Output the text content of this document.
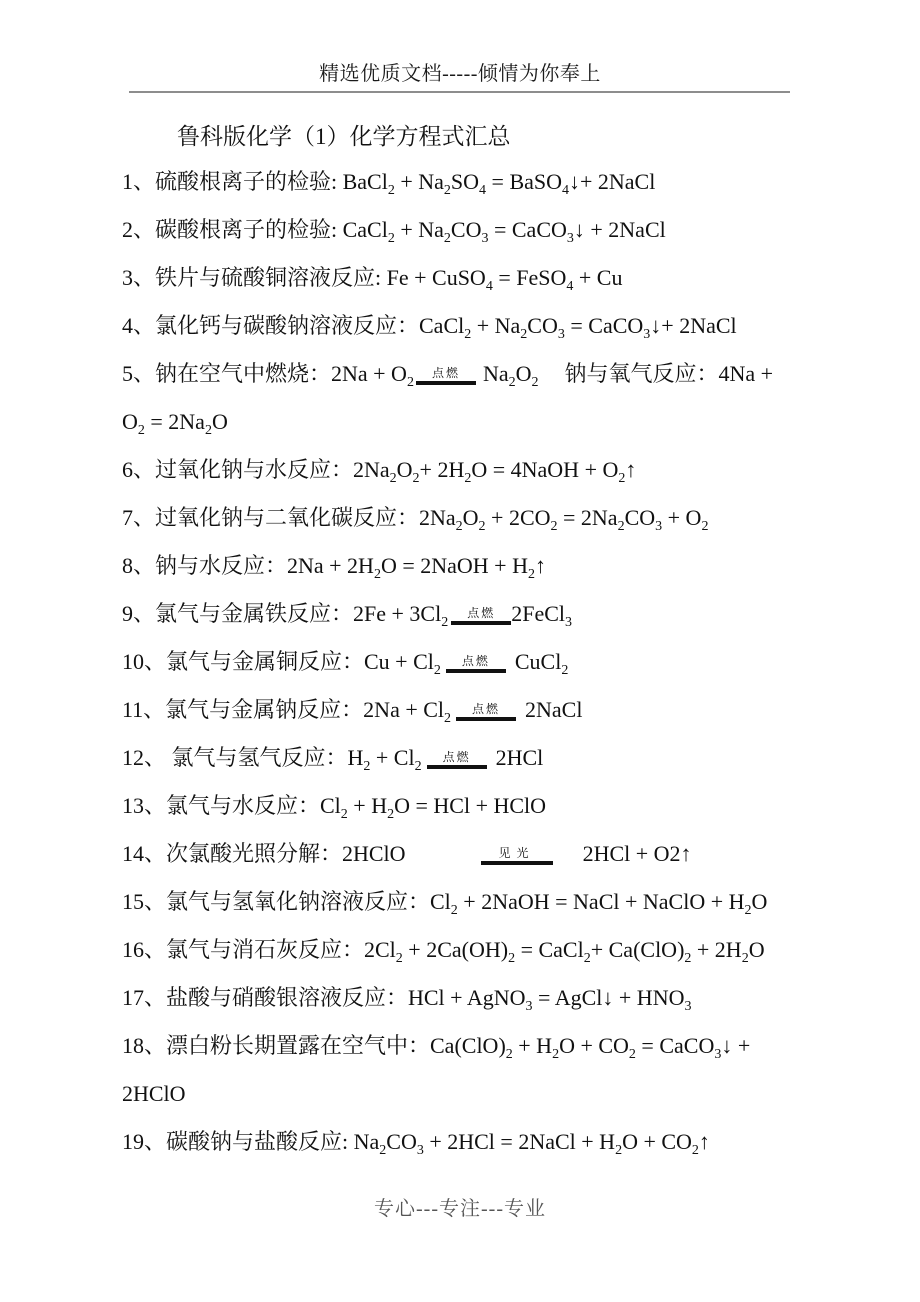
精选优质文档-----倾情为你奉上
鲁科版化学（1）化学方程式汇总
1、硫酸根离子的检验: BaCl$_2$ + $Na_2SO_4$ = BaSO$_4$↓+ 2NaCl
2、碳酸根离子的检验: CaCl$_2$ + $Na_2CO_3$ = CaCO$_3$↓ + 2NaCl
3、铁片与硫酸铜溶液反应: Fe + CuSO$_4$ = FeSO$_4$ + Cu
4、氯化钙与碳酸钠溶液反应：CaCl$_2$ + $Na_2CO_3$ = CaCO$_3$↓+ 2NaCl
5、钠在空气中燃烧：$2Na + O_2$
点燃	$Na_2O_2$ 钠与氧气反应：4Na +
$O_2 = 2Na_2O$
6、过氧化钠与水反应：$2Na_2O_2+ 2H_2O$ = 4NaOH + $O_2↑$
7、过氧化钠与二氧化碳反应：$2Na_2O_2 + 2CO_2 = 2Na_2CO_3 + O_2$
8、钠与水反应：$2Na + 2H_2O$ = 2NaOH + $H_2↑$
9、氯气与金属铁反应：$2Fe + 3Cl_2$
点燃 2FeCl$_3$
10、氯气与金属铜反应：$Cu + Cl_2$
点燃	CuCl$_2$
11、氯气与金属钠反应：$2Na + Cl_2$
点燃	2NaCl
12、 氯气与氢气反应：$H_2 + Cl_2$
点燃	2HCl
13、氯气与水反应：$Cl_2 + H_2O$ = HCl + HClO
14、次氯酸光照分解：2HClO	见光	2HCl + O2↑
15、氯气与氢氧化钠溶液反应：$Cl_2$ + 2NaOH = NaCl + NaClO + $H_2O$
16、氯气与消石灰反应：$2Cl_2 + 2Ca(OH)_2$ = CaCl$_2$+ $Ca(ClO)_2 + 2H_2O$
17、盐酸与硝酸银溶液反应：HCl + AgNO$_3$ = AgCl↓ + $HNO_3$
18、漂白粉长期置露在空气中：$Ca(ClO)_2 + H_2O + CO_2$ = CaCO$_3$↓ +
2HClO
19、碳酸钠与盐酸反应: $Na_2CO_3 + 2HCl$ = 2NaCl + $H_2O$ + $CO_2↑$
专心---专注---专业
